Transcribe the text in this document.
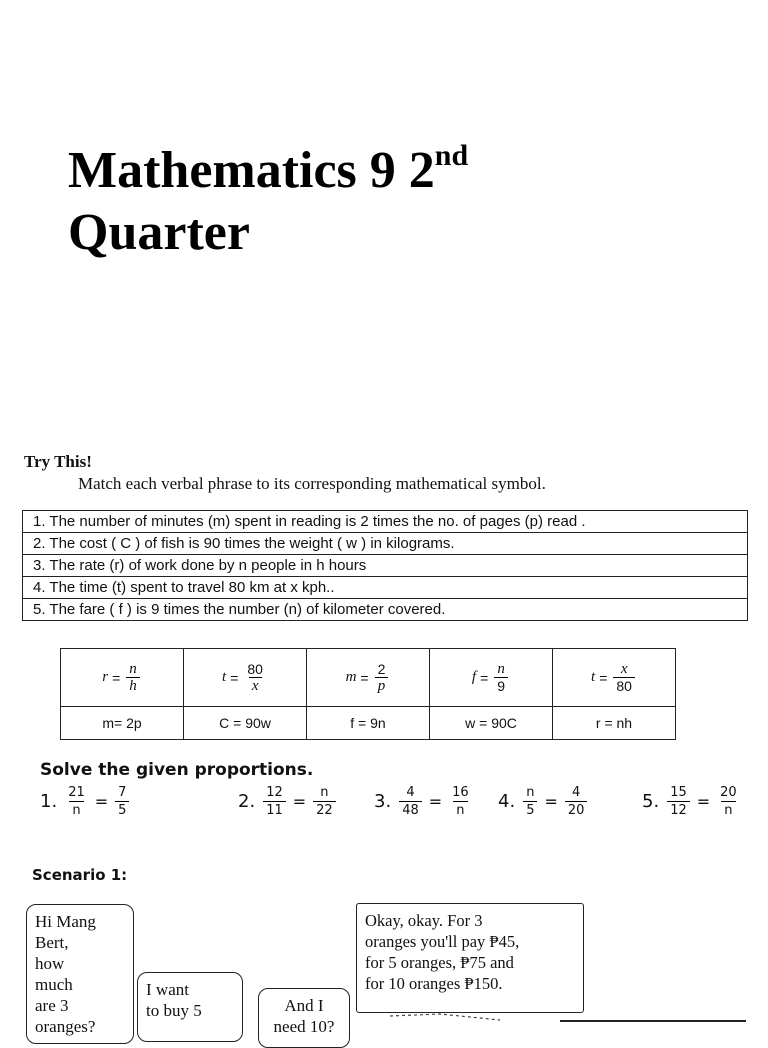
Mathematics 9 2nd
Quarter
Try This!
Match each verbal phrase to its corresponding mathematical symbol.
1. The number of minutes (m) spent in reading is 2 times the no. of pages (p) read .
2. The cost ( C ) of fish is 90 times the weight ( w ) in kilograms.
3. The rate (r) of work done by n people in h hours
4. The time (t) spent to travel 80 km at x kph..
5. The fare ( f ) is 9 times the number (n) of kilometer covered.
$r = \frac{n}{h}$	$t = \frac{80}{x}$	$m = \frac{2}{p}$	$f = \frac{n}{9}$	$t = \frac{x}{80}$

m= 2p	C = 90w	f = 9n	w = 90C	r = nh
Solve the given proportions.
1. $\frac{21}{n} = \frac{7}{5}$	2. $\frac{12}{11} = \frac{n}{22} 3$. $\frac{4}{48} = \frac{16}{n} 4$. $\frac{n}{5} = \frac{4}{20}$	5. $\frac{15}{12} = \frac{20}{n}$
Scenario 1:
Hi Mang
Bert,
how
much
are 3
oranges?
I want
to buy 5	And I
need 10?
Okay, okay. For 3
oranges you'll pay ₱45,
for 5 oranges, ₱75 and
for 10 oranges ₱150.
